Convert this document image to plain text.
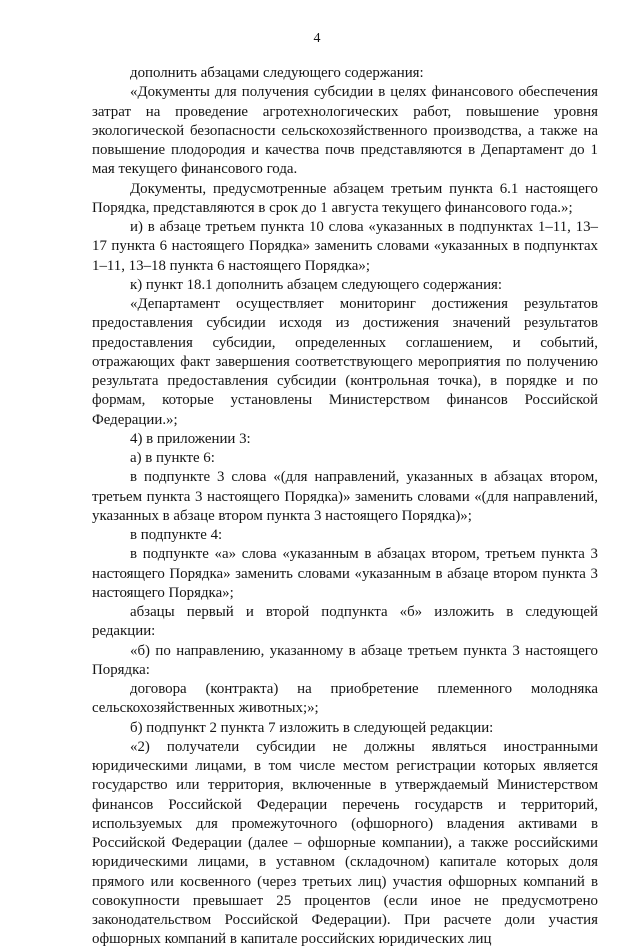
4

дополнить абзацами следующего содержания:

«Документы для получения субсидии в целях финансового обеспечения затрат на проведение агротехнологических работ, повышение уровня экологической безопасности сельскохозяйственного производства, а также на повышение плодородия и качества почв представляются в Департамент до 1 мая текущего финансового года.

Документы, предусмотренные абзацем третьим пункта 6.1 настоящего Порядка, представляются в срок до 1 августа текущего финансового года.»;

и) в абзаце третьем пункта 10 слова «указанных в подпунктах 1–11, 13–17 пункта 6 настоящего Порядка» заменить словами «указанных в подпунктах 1–11, 13–18 пункта 6 настоящего Порядка»;

к) пункт 18.1 дополнить абзацем следующего содержания:

«Департамент осуществляет мониторинг достижения результатов предоставления субсидии исходя из достижения значений результатов предоставления субсидии, определенных соглашением, и событий, отражающих факт завершения соответствующего мероприятия по получению результата предоставления субсидии (контрольная точка), в порядке и по формам, которые установлены Министерством финансов Российской Федерации.»;

4) в приложении 3:

а) в пункте 6:

в подпункте 3 слова «(для направлений, указанных в абзацах втором, третьем пункта 3 настоящего Порядка)» заменить словами «(для направлений, указанных в абзаце втором пункта 3 настоящего Порядка)»;

в подпункте 4:

в подпункте «а» слова «указанным в абзацах втором, третьем пункта 3 настоящего Порядка» заменить словами «указанным в абзаце втором пункта 3 настоящего Порядка»;

абзацы первый и второй подпункта «б» изложить в следующей редакции:

«б) по направлению, указанному в абзаце третьем пункта 3 настоящего Порядка:

договора (контракта) на приобретение племенного молодняка сельскохозяйственных животных;»;

б) подпункт 2 пункта 7 изложить в следующей редакции:

«2) получатели субсидии не должны являться иностранными юридическими лицами, в том числе местом регистрации которых является государство или территория, включенные в утверждаемый Министерством финансов Российской Федерации перечень государств и территорий, используемых для промежуточного (офшорного) владения активами в Российской Федерации (далее – офшорные компании), а также российскими юридическими лицами, в уставном (складочном) капитале которых доля прямого или косвенного (через третьих лиц) участия офшорных компаний в совокупности превышает 25 процентов (если иное не предусмотрено законодательством Российской Федерации). При расчете доли участия офшорных компаний в капитале российских юридических лиц
